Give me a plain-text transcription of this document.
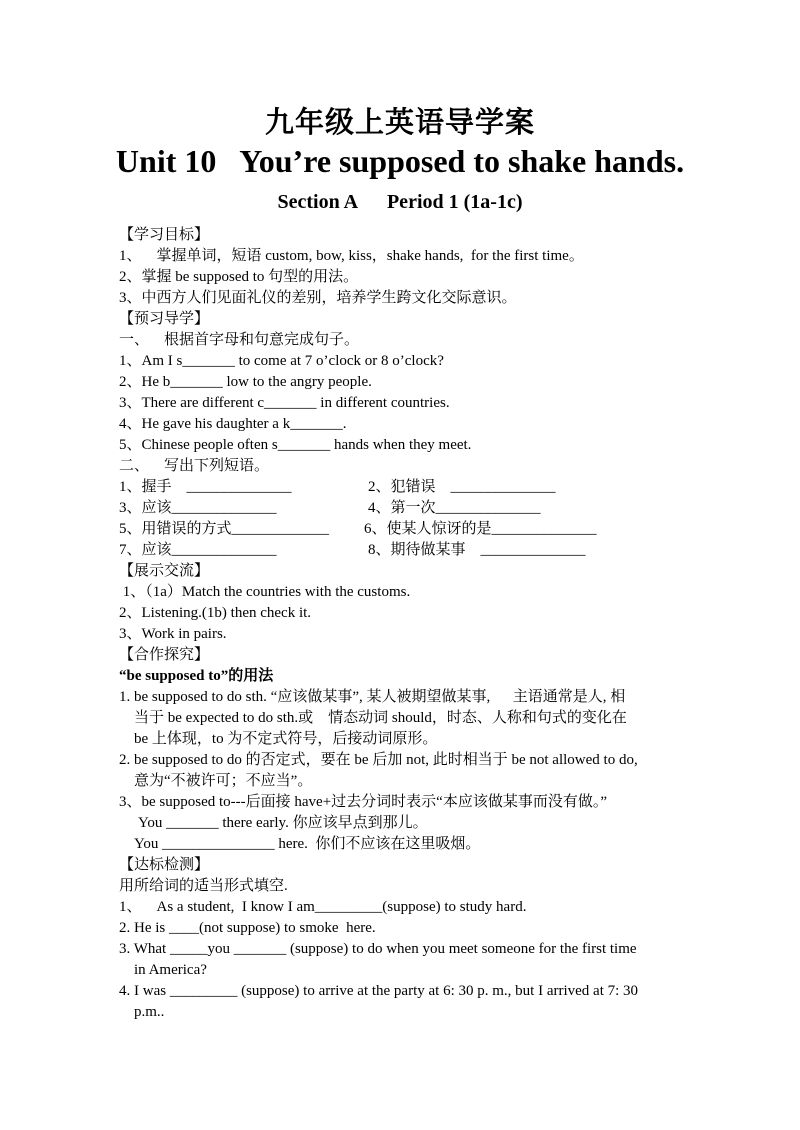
九年级上英语导学案
Unit 10   You’re supposed to shake hands.
Section A      Period 1 (1a-1c)
【学习目标】
1、    掌握单词，短语 custom, bow, kiss，shake hands,  for the first time。
2、掌握 be supposed to 句型的用法。
3、中西方人们见面礼仪的差别，培养学生跨文化交际意识。
【预习导学】
一、    根据首字母和句意完成句子。
1、Am I s_______ to come at 7 o’clock or 8 o’clock?
2、He b_______ low to the angry people.
3、There are different c_______ in different countries.
4、He gave his daughter a k_______.
5、Chinese people often s_______ hands when they meet.
二、    写出下列短语。
1、握手    ______________	2、犯错误    ______________
3、应该______________	4、第一次______________
5、用错误的方式_____________ 6、使某人惊讶的是______________
7、应该______________	8、期待做某事    ______________
【展示交流】
1、（1a）Match the countries with the customs.
2、Listening.(1b) then check it.
3、Work in pairs.
【合作探究】
“be supposed to”的用法
1. be supposed to do sth. “应该做某事”, 某人被期望做某事,      主语通常是人, 相
当于 be expected to do sth.或    情态动词 should，时态、人称和句式的变化在
be 上体现，to 为不定式符号，后接动词原形。
2. be supposed to do 的否定式，要在 be 后加 not, 此时相当于 be not allowed to do,
意为“不被许可；不应当”。
3、be supposed to---后面接 have+过去分词时表示“本应该做某事而没有做。”
You _______ there early. 你应该早点到那儿。
You _______________ here.  你们不应该在这里吸烟。
【达标检测】
用所给词的适当形式填空.
1、    As a student,  I know I am_________(suppose) to study hard.
2. He is ____(not suppose) to smoke  here.
3. What _____you _______ (suppose) to do when you meet someone for the first time
in America?
4. I was _________ (suppose) to arrive at the party at 6: 30 p. m., but I arrived at 7: 30
p.m..
